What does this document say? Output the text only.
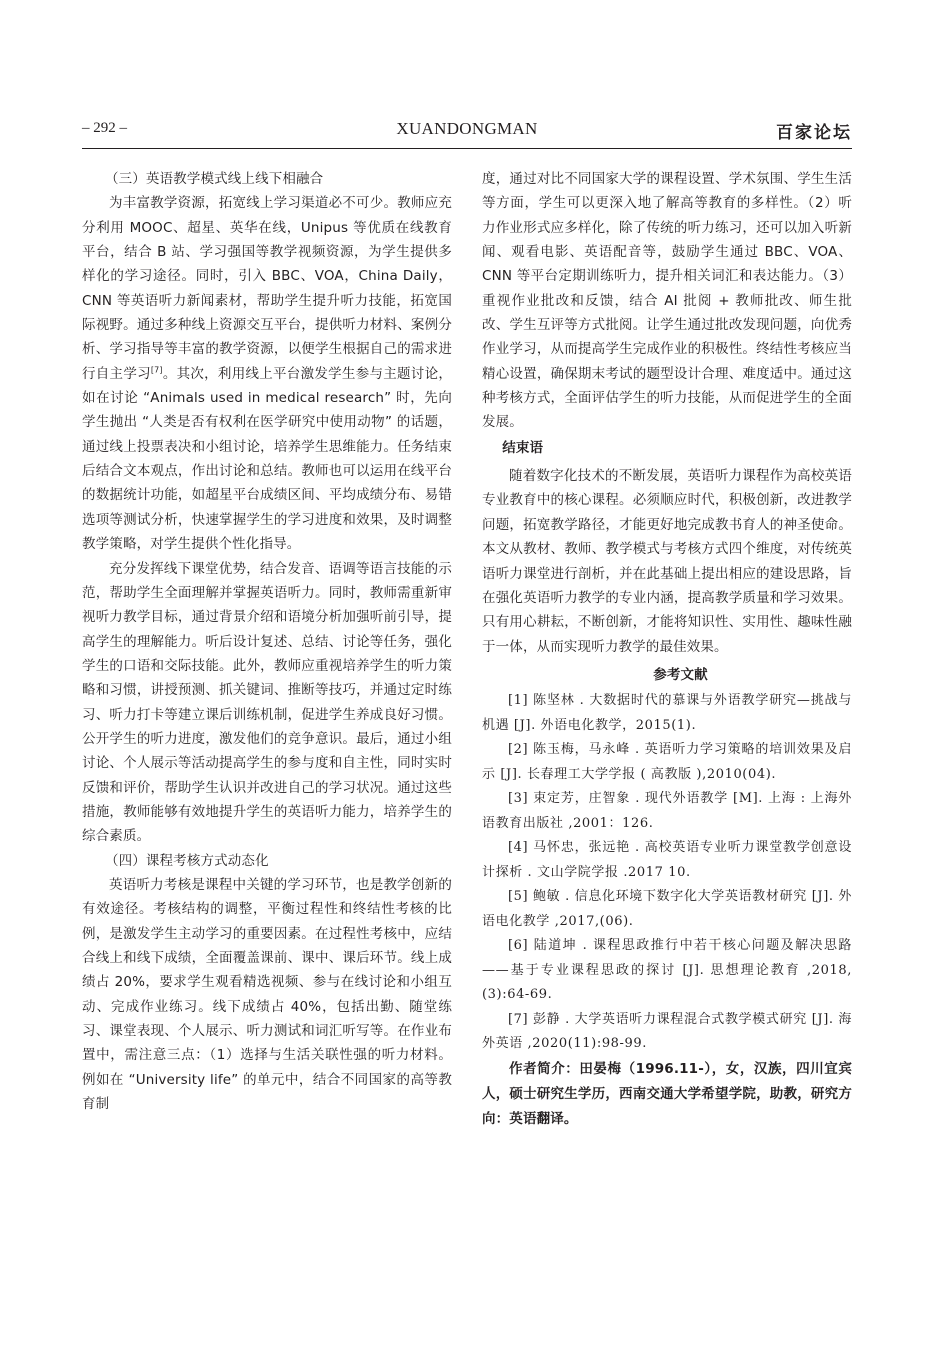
– 292 –	XUANDONGMAN	百家论坛

（三）英语教学模式线上线下相融合

为丰富教学资源，拓宽线上学习渠道必不可少。教师应充分利用 MOOC、超星、英华在线，Unipus 等优质在线教育平台，结合 B 站、学习强国等教学视频资源，为学生提供多样化的学习途径。同时，引入 BBC、VOA，China Daily，CNN 等英语听力新闻素材，帮助学生提升听力技能，拓宽国际视野。通过多种线上资源交互平台，提供听力材料、案例分析、学习指导等丰富的教学资源，以便学生根据自己的需求进行自主学习[7]。其次，利用线上平台激发学生参与主题讨论，如在讨论 “Animals used in medical research” 时，先向学生抛出 “人类是否有权利在医学研究中使用动物” 的话题，通过线上投票表决和小组讨论，培养学生思维能力。任务结束后结合文本观点，作出讨论和总结。教师也可以运用在线平台的数据统计功能，如超星平台成绩区间、平均成绩分布、易错选项等测试分析，快速掌握学生的学习进度和效果，及时调整教学策略，对学生提供个性化指导。

充分发挥线下课堂优势，结合发音、语调等语言技能的示范，帮助学生全面理解并掌握英语听力。同时，教师需重新审视听力教学目标，通过背景介绍和语境分析加强听前引导，提高学生的理解能力。听后设计复述、总结、讨论等任务，强化学生的口语和交际技能。此外，教师应重视培养学生的听力策略和习惯，讲授预测、抓关键词、推断等技巧，并通过定时练习、听力打卡等建立课后训练机制，促进学生养成良好习惯。公开学生的听力进度，激发他们的竞争意识。最后，通过小组讨论、个人展示等活动提高学生的参与度和自主性，同时实时反馈和评价，帮助学生认识并改进自己的学习状况。通过这些措施，教师能够有效地提升学生的英语听力能力，培养学生的综合素质。

（四）课程考核方式动态化

英语听力考核是课程中关键的学习环节，也是教学创新的有效途径。考核结构的调整，平衡过程性和终结性考核的比例，是激发学生主动学习的重要因素。在过程性考核中，应结合线上和线下成绩，全面覆盖课前、课中、课后环节。线上成绩占 20%，要求学生观看精选视频、参与在线讨论和小组互动、完成作业练习。线下成绩占 40%，包括出勤、随堂练习、课堂表现、个人展示、听力测试和词汇听写等。在作业布置中，需注意三点：（1）选择与生活关联性强的听力材料。例如在 “University life” 的单元中，结合不同国家的高等教育制

度，通过对比不同国家大学的课程设置、学术氛围、学生生活等方面，学生可以更深入地了解高等教育的多样性。（2）听力作业形式应多样化，除了传统的听力练习，还可以加入听新闻、观看电影、英语配音等，鼓励学生通过 BBC、VOA、CNN 等平台定期训练听力，提升相关词汇和表达能力。（3）重视作业批改和反馈，结合 AI 批阅 + 教师批改、师生批改、学生互评等方式批阅。让学生通过批改发现问题，向优秀作业学习，从而提高学生完成作业的积极性。终结性考核应当精心设置，确保期末考试的题型设计合理、难度适中。通过这种考核方式，全面评估学生的听力技能，从而促进学生的全面发展。

结束语

随着数字化技术的不断发展，英语听力课程作为高校英语专业教育中的核心课程。必须顺应时代，积极创新，改进教学问题，拓宽教学路径，才能更好地完成教书育人的神圣使命。本文从教材、教师、教学模式与考核方式四个维度，对传统英语听力课堂进行剖析，并在此基础上提出相应的建设思路，旨在强化英语听力教学的专业内涵，提高教学质量和学习效果。只有用心耕耘，不断创新，才能将知识性、实用性、趣味性融于一体，从而实现听力教学的最佳效果。

参考文献

[1] 陈坚林 . 大数据时代的慕课与外语教学研究—挑战与机遇 [J]. 外语电化教学，2015(1).

[2] 陈玉梅，马永峰 . 英语听力学习策略的培训效果及启示 [J]. 长春理工大学学报 ( 高教版 ),2010(04).

[3] 束定芳，庄智象 . 现代外语教学 [M]. 上海 : 上海外语教育出版社 ,2001：126.

[4] 马怀忠，张远艳 . 高校英语专业听力课堂教学创意设计探析 . 文山学院学报 .2017 10.

[5] 鲍敏 . 信息化环境下数字化大学英语教材研究 [J]. 外语电化教学 ,2017,(06).

[6] 陆道坤 . 课程思政推行中若干核心问题及解决思路——基于专业课程思政的探讨 [J]. 思想理论教育 ,2018,(3):64-69.

[7] 彭静 . 大学英语听力课程混合式教学模式研究 [J]. 海外英语 ,2020(11):98-99.

作者简介：田晏梅（1996.11-），女，汉族，四川宜宾人，硕士研究生学历，西南交通大学希望学院，助教，研究方向：英语翻译。
